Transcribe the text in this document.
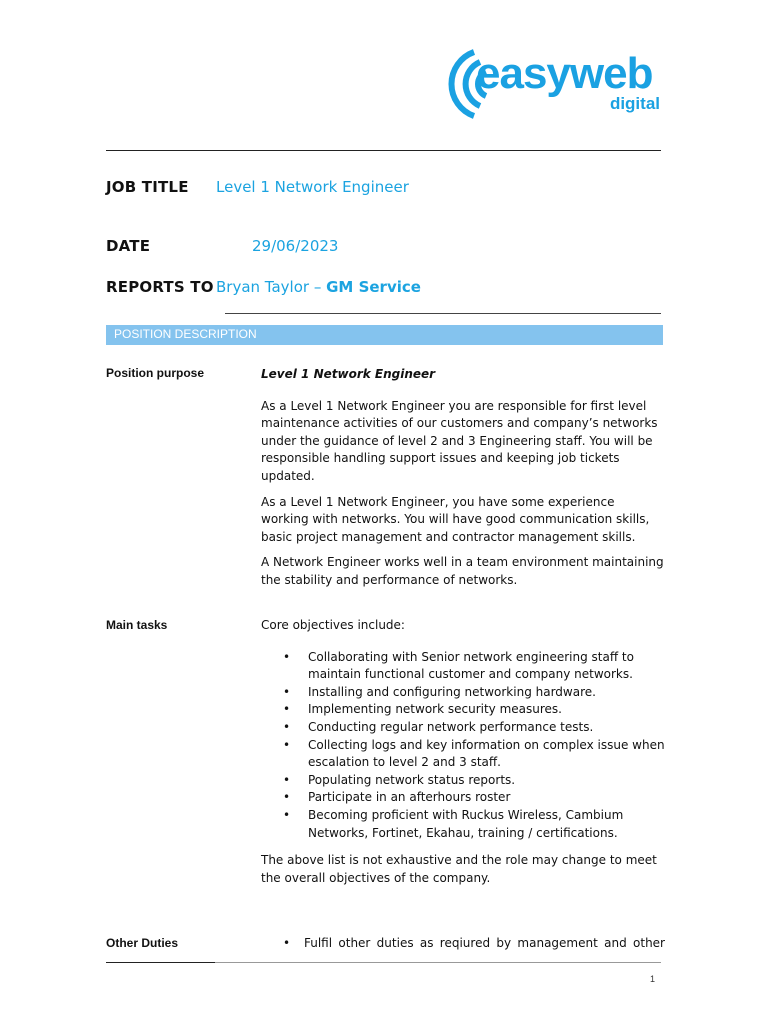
easyweb
digital
JOB TITLE Level 1 Network Engineer
DATE	29/06/2023
REPORTS TO Bryan Taylor – GM Service
POSITION DESCRIPTION
Position purpose	Level 1 Network Engineer

As a Level 1 Network Engineer you are responsible for first level maintenance activities of our customers and company’s networks under the guidance of level 2 and 3 Engineering staff. You will be responsible handling support issues and keeping job tickets updated.

As a Level 1 Network Engineer, you have some experience working with networks. You will have good communication skills, basic project management and contractor management skills.

A Network Engineer works well in a team environment maintaining the stability and performance of networks.

Main tasks	Core objectives include:

• Collaborating with Senior network engineering staff to maintain functional customer and company networks.
• Installing and configuring networking hardware.
• Implementing network security measures.
• Conducting regular network performance tests.
• Collecting logs and key information on complex issue when escalation to level 2 and 3 staff.
• Populating network status reports.
• Participate in an afterhours roster
• Becoming proficient with Ruckus Wireless, Cambium Networks, Fortinet, Ekahau, training / certifications.

The above list is not exhaustive and the role may change to meet the overall objectives of the company.

Other Duties
•	Fulfil other duties as reqiured by management and other
1
